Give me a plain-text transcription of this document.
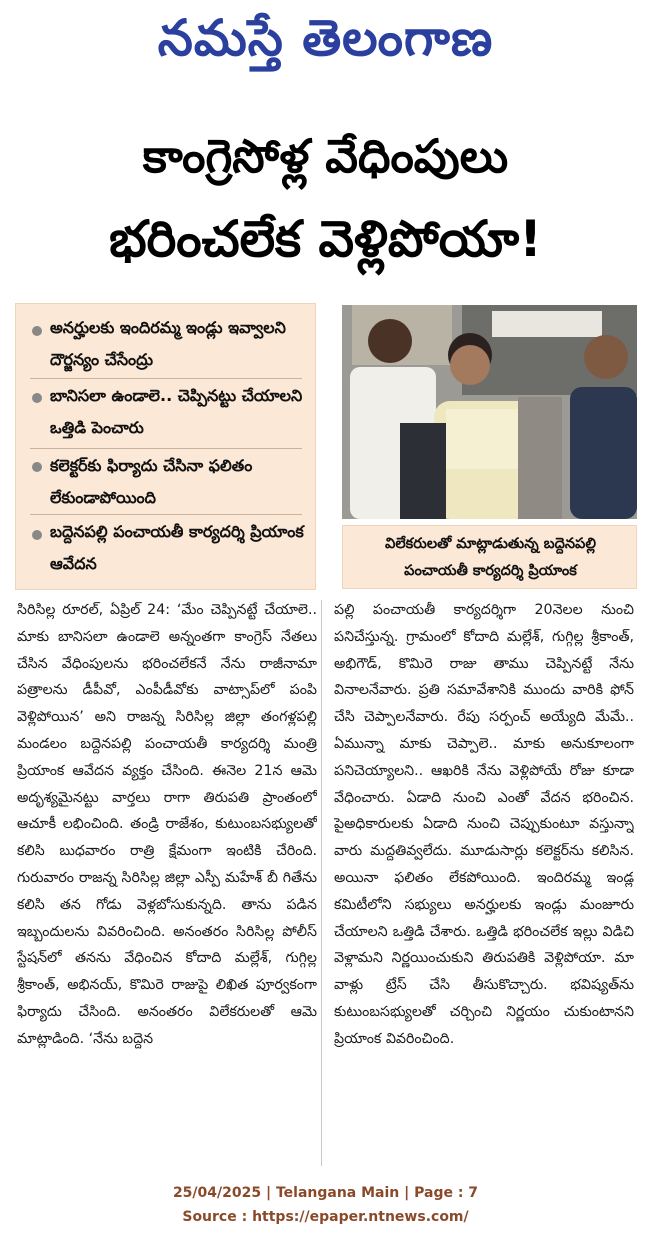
నమస్తే తెలంగాణ
కాంగ్రెసోళ్ల వేధింపులు
భరించలేక వెళ్లిపోయా!
అనర్హులకు ఇందిరమ్మ ఇండ్లు ఇవ్వాలని దౌర్జన్యం చేసేంద్రు
బానిసలా ఉండాలె.. చెప్పినట్టు చేయాలని ఒత్తిడి పెంచారు
కలెక్టర్‌కు ఫిర్యాదు చేసినా ఫలితం లేకుండాపోయింది
బద్దెనపల్లి పంచాయతీ కార్యదర్శి ప్రియాంక ఆవేదన
విలేకరులతో మాట్లాడుతున్న బద్దెనపల్లి
పంచాయతీ కార్యదర్శి ప్రియాంక

సిరిసిల్ల రూరల్‌, ఏప్రిల్‌ 24: ‘మేం చెప్పినట్టే చేయాలె.. మాకు బానిసలా ఉండాలె అన్నంతగా కాంగ్రెస్‌ నేతలు చేసిన వేధింపులను భరించలేకనే నేను రాజీనామా పత్రాలను డీపీవో, ఎంపీడీవోకు వాట్సాప్‌లో పంపి వెళ్లిపోయిన’ అని రాజన్న సిరిసిల్ల జిల్లా తంగళ్లపల్లి మండలం బద్దెనపల్లి పంచాయతీ కార్యదర్శి మంత్రి ప్రియాంక ఆవేదన వ్యక్తం చేసింది. ఈనెల 21న ఆమె అదృశ్యమైనట్టు వార్తలు రాగా తిరుపతి ప్రాంతంలో ఆచూకీ లభించింది. తండ్రి రాజేశం, కుటుంబసభ్యులతో కలిసి బుధవారం రాత్రి క్షేమంగా ఇంటికి చేరింది. గురువారం రాజన్న సిరిసిల్ల జిల్లా ఎస్పీ మహేశ్‌ బీ గితేను కలిసి తన గోడు వెళ్లబోసుకున్నది. తాను పడిన ఇబ్బందులను వివరించింది. అనంతరం సిరిసిల్ల పోలీస్‌ స్టేషన్‌లో తనను వేధించిన కోదాది మల్లేశ్‌, గుగ్గిల్ల శ్రీకాంత్‌, అభినయ్‌, కొమిరె రాజుపై లిఖిత పూర్వకంగా ఫిర్యాదు చేసింది. అనంతరం విలేకరులతో ఆమె మాట్లాడింది. ‘నేను బద్దెన

పల్లి పంచాయతీ కార్యదర్శిగా 20నెలల నుంచి పనిచేస్తున్న. గ్రామంలో కోదాది మల్లేశ్‌, గుగ్గిల్ల శ్రీకాంత్‌, అభిగౌడ్‌, కొమిరె రాజు తాము చెప్పినట్టే నేను వినాలనేవారు. ప్రతి సమావేశానికి ముందు వారికి ఫోన్‌ చేసి చెప్పాలనేవారు. రేపు సర్పంచ్‌ అయ్యేది మేమే.. ఏమున్నా మాకు చెప్పాలె.. మాకు అనుకూలంగా పనిచెయ్యాలని.. ఆఖరికి నేను వెళ్లిపోయే రోజు కూడా వేధించారు. ఏడాది నుంచి ఎంతో వేదన భరించిన. పైఅధికారులకు ఏడాది నుంచి చెప్పుకుంటూ వస్తున్నా వారు మద్దతివ్వలేదు. మూడుసార్లు కలెక్టర్‌ను కలిసిన. అయినా ఫలితం లేకపోయింది. ఇందిరమ్మ ఇండ్ల కమిటీలోని సభ్యులు అనర్హులకు ఇండ్లు మంజూరు చేయాలని ఒత్తిడి చేశారు. ఒత్తిడి భరించలేక ఇల్లు విడిచి వెళ్లామని నిర్ణయించుకుని తిరుపతికి వెళ్లిపోయా. మా వాళ్లు ట్రేస్‌ చేసి తీసుకొచ్చారు. భవిష్యత్‌ను కుటుంబసభ్యులతో చర్చించి నిర్ణయం చుకుంటానని ప్రియాంక వివరించింది.

25/04/2025 | Telangana Main | Page : 7
Source : https://epaper.ntnews.com/
